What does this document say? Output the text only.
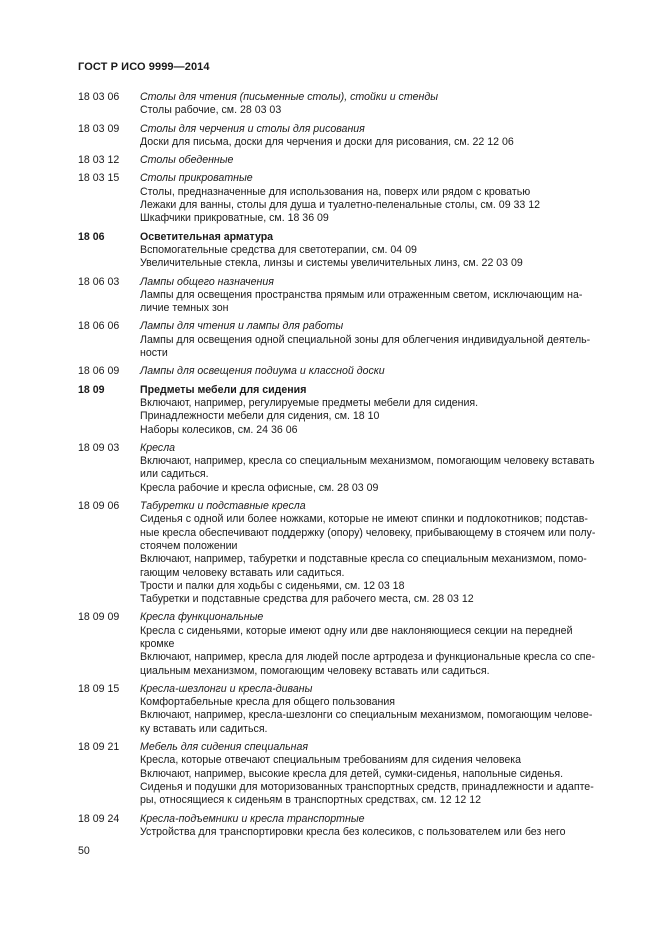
ГОСТ Р ИСО 9999—2014
18 03 06	Столы для чтения (письменные столы), стойки и стенды
Столы рабочие, см. 28 03 03
18 03 09	Столы для черчения и столы для рисования
Доски для письма, доски для черчения и доски для рисования, см. 22 12 06
18 03 12	Столы обеденные
18 03 15	Столы прикроватные
Столы, предназначенные для использования на, поверх или рядом с кроватью
Лежаки для ванны, столы для душа и туалетно-пеленальные столы, см. 09 33 12
Шкафчики прикроватные, см. 18 36 09
18 06	Осветительная арматура
Вспомогательные средства для светотерапии, см. 04 09
Увеличительные стекла, линзы и системы увеличительных линз, см. 22 03 09
18 06 03	Лампы общего назначения
Лампы для освещения пространства прямым или отраженным светом, исключающим на-
личие темных зон
18 06 06	Лампы для чтения и лампы для работы
Лампы для освещения одной специальной зоны для облегчения индивидуальной деятель-
ности
18 06 09	Лампы для освещения подиума и классной доски
18 09	Предметы мебели для сидения
Включают, например, регулируемые предметы мебели для сидения.
Принадлежности мебели для сидения, см. 18 10
Наборы колесиков, см. 24 36 06
18 09 03	Кресла
Включают, например, кресла со специальным механизмом, помогающим человеку вставать
или садиться.
Кресла рабочие и кресла офисные, см. 28 03 09
18 09 06	Табуретки и подставные кресла
Сиденья с одной или более ножками, которые не имеют спинки и подлокотников; подстав-
ные кресла обеспечивают поддержку (опору) человеку, прибывающему в стоячем или полу-
стоячем положении
Включают, например, табуретки и подставные кресла со специальным механизмом, помо-
гающим человеку вставать или садиться.
Трости и палки для ходьбы с сиденьями, см. 12 03 18
Табуретки и подставные средства для рабочего места, см. 28 03 12
18 09 09	Кресла функциональные
Кресла с сиденьями, которые имеют одну или две наклоняющиеся секции на передней
кромке
Включают, например, кресла для людей после артродеза и функциональные кресла со спе-
циальным механизмом, помогающим человеку вставать или садиться.
18 09 15	Кресла-шезлонги и кресла-диваны
Комфортабельные кресла для общего пользования
Включают, например, кресла-шезлонги со специальным механизмом, помогающим челове-
ку вставать или садиться.
18 09 21	Мебель для сидения специальная
Кресла, которые отвечают специальным требованиям для сидения человека
Включают, например, высокие кресла для детей, сумки-сиденья, напольные сиденья.
Сиденья и подушки для моторизованных транспортных средств, принадлежности и адапте-
ры, относящиеся к сиденьям в транспортных средствах, см. 12 12 12
18 09 24	Кресла-подъемники и кресла транспортные
Устройства для транспортировки кресла без колесиков, с пользователем или без него
50
